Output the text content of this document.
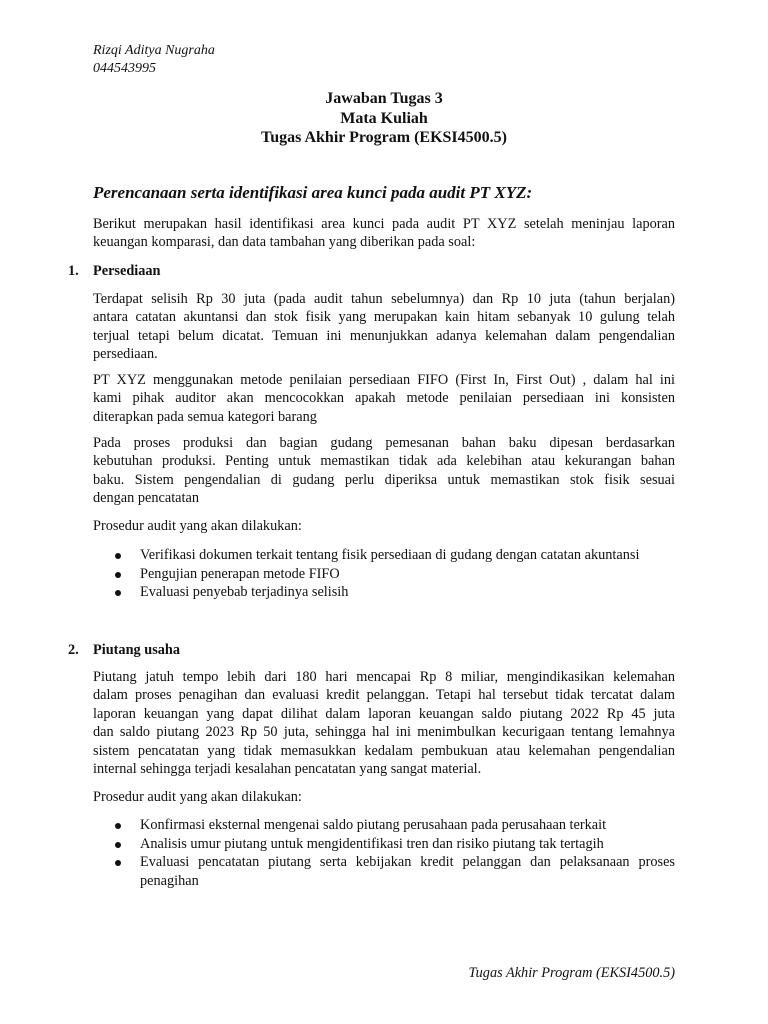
Rizqi Aditya Nugraha
044543995
Jawaban Tugas 3
Mata Kuliah
Tugas Akhir Program (EKSI4500.5)
Perencanaan serta identifikasi area kunci pada audit PT XYZ:
Berikut merupakan hasil identifikasi area kunci pada audit PT XYZ setelah meninjau laporan
keuangan komparasi, dan data tambahan yang diberikan pada soal:
1. Persediaan
Terdapat selisih Rp 30 juta (pada audit tahun sebelumnya) dan Rp 10 juta (tahun berjalan)
antara catatan akuntansi dan stok fisik yang merupakan kain hitam sebanyak 10 gulung telah
terjual tetapi belum dicatat. Temuan ini menunjukkan adanya kelemahan dalam pengendalian
persediaan.
PT XYZ menggunakan metode penilaian persediaan FIFO (First In, First Out) , dalam hal ini
kami pihak auditor akan mencocokkan apakah metode penilaian persediaan ini konsisten
diterapkan pada semua kategori barang
Pada proses produksi dan bagian gudang pemesanan bahan baku dipesan berdasarkan
kebutuhan produksi. Penting untuk memastikan tidak ada kelebihan atau kekurangan bahan
baku. Sistem pengendalian di gudang perlu diperiksa untuk memastikan stok fisik sesuai
dengan pencatatan
Prosedur audit yang akan dilakukan:
Verifikasi dokumen terkait tentang fisik persediaan di gudang dengan catatan akuntansi
Pengujian penerapan metode FIFO
Evaluasi penyebab terjadinya selisih
2. Piutang usaha
Piutang jatuh tempo lebih dari 180 hari mencapai Rp 8 miliar, mengindikasikan kelemahan
dalam proses penagihan dan evaluasi kredit pelanggan. Tetapi hal tersebut tidak tercatat dalam
laporan keuangan yang dapat dilihat dalam laporan keuangan saldo piutang 2022 Rp 45 juta
dan saldo piutang 2023 Rp 50 juta, sehingga hal ini menimbulkan kecurigaan tentang lemahnya
sistem pencatatan yang tidak memasukkan kedalam pembukuan atau kelemahan pengendalian
internal sehingga terjadi kesalahan pencatatan yang sangat material.
Prosedur audit yang akan dilakukan:
Konfirmasi eksternal mengenai saldo piutang perusahaan pada perusahaan terkait
Analisis umur piutang untuk mengidentifikasi tren dan risiko piutang tak tertagih
Evaluasi pencatatan piutang serta kebijakan kredit pelanggan dan pelaksanaan proses
penagihan
Tugas Akhir Program (EKSI4500.5)
